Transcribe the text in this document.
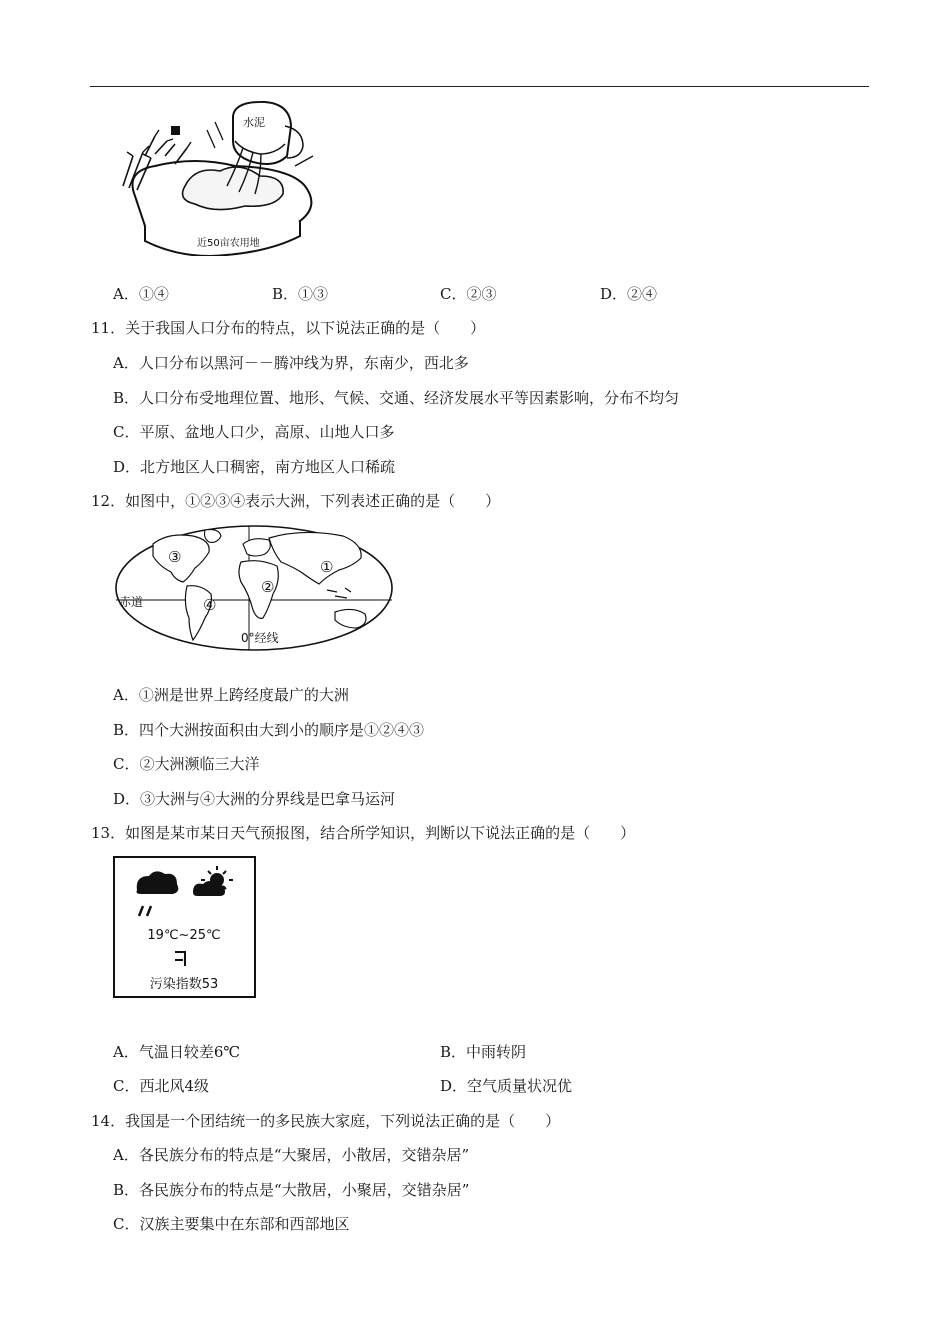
水泥
近50亩农用地
A．①④	B．①③	C．②③	D．②④
11．关于我国人口分布的特点，以下说法正确的是（　　）
A．人口分布以黑河－－腾冲线为界，东南少，西北多
B．人口分布受地理位置、地形、气候、交通、经济发展水平等因素影响，分布不均匀
C．平原、盆地人口少，高原、山地人口多
D．北方地区人口稠密，南方地区人口稀疏
12．如图中，①②③④表示大洲，下列表述正确的是（　　）
③
②
①
④
赤道
0°经线
A．①洲是世界上跨经度最广的大洲
B．四个大洲按面积由大到小的顺序是①②④③
C．②大洲濒临三大洋
D．③大洲与④大洲的分界线是巴拿马运河
13．如图是某市某日天气预报图，结合所学知识，判断以下说法正确的是（　　）
19℃~25℃
污染指数53
A．气温日较差6℃	B．中雨转阴
C．西北风4级	D．空气质量状况优
14．我国是一个团结统一的多民族大家庭，下列说法正确的是（　　）
A．各民族分布的特点是“大聚居，小散居，交错杂居”
B．各民族分布的特点是“大散居，小聚居，交错杂居”
C．汉族主要集中在东部和西部地区
